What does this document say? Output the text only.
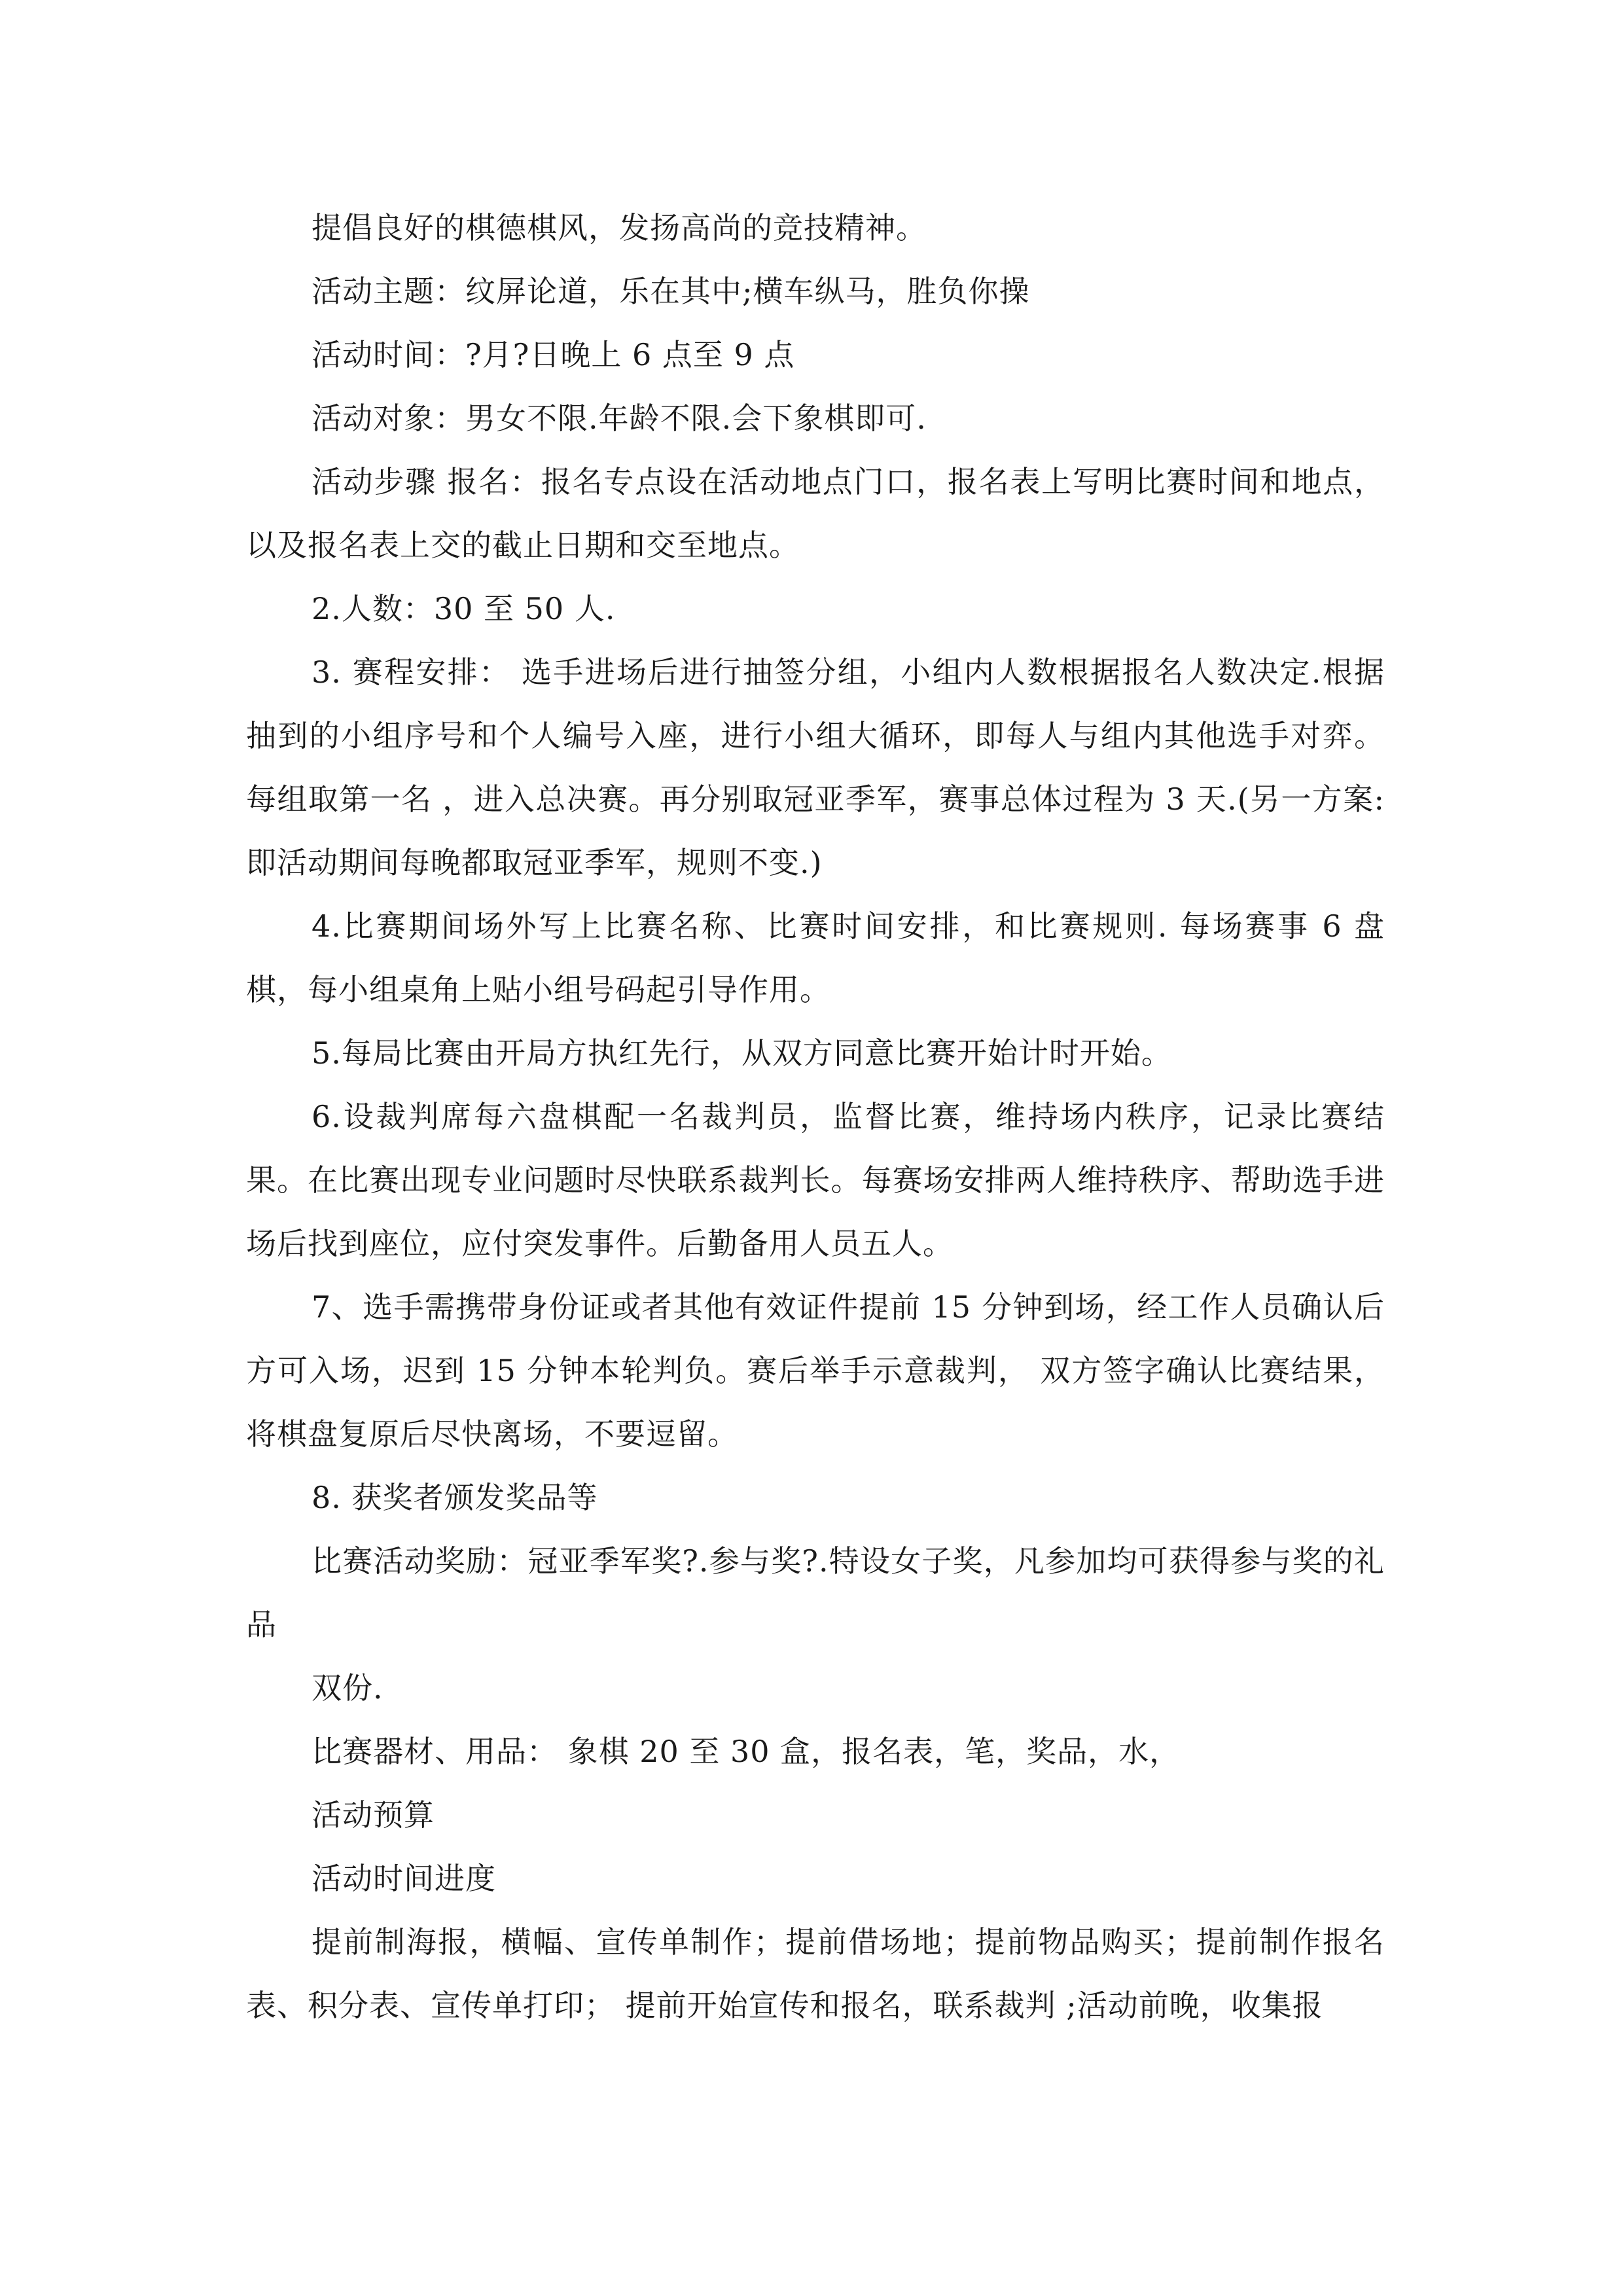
提倡良好的棋德棋风，发扬高尚的竞技精神。

活动主题：纹屏论道，乐在其中;横车纵马，胜负你操

活动时间：?月?日晚上 6 点至 9 点

活动对象：男女不限.年龄不限.会下象棋即可.

活动步骤 报名：报名专点设在活动地点门口，报名表上写明比赛时间和地点，以及报名表上交的截止日期和交至地点。

2.人数：30 至 50 人.

3. 赛程安排： 选手进场后进行抽签分组，小组内人数根据报名人数决定.根据抽到的小组序号和个人编号入座，进行小组大循环，即每人与组内其他选手对弈。 每组取第一名 ，进入总决赛。再分别取冠亚季军，赛事总体过程为 3 天.(另一方案:即活动期间每晚都取冠亚季军，规则不变.)

4.比赛期间场外写上比赛名称、比赛时间安排，和比赛规则. 每场赛事 6 盘棋，每小组桌角上贴小组号码起引导作用。

5.每局比赛由开局方执红先行，从双方同意比赛开始计时开始。

6.设裁判席每六盘棋配一名裁判员，监督比赛，维持场内秩序，记录比赛结果。在比赛出现专业问题时尽快联系裁判长。每赛场安排两人维持秩序、帮助选手进场后找到座位，应付突发事件。后勤备用人员五人。

7、选手需携带身份证或者其他有效证件提前 15 分钟到场，经工作人员确认后方可入场，迟到 15 分钟本轮判负。赛后举手示意裁判， 双方签字确认比赛结果，将棋盘复原后尽快离场，不要逗留。

8. 获奖者颁发奖品等

比赛活动奖励：冠亚季军奖?.参与奖?.特设女子奖，凡参加均可获得参与奖的礼品

双份.

比赛器材、用品： 象棋 20 至 30 盒，报名表，笔，奖品，水，

活动预算

活动时间进度

提前制海报，横幅、宣传单制作；提前借场地；提前物品购买；提前制作报名表、积分表、宣传单打印； 提前开始宣传和报名，联系裁判 ;活动前晚，收集报
